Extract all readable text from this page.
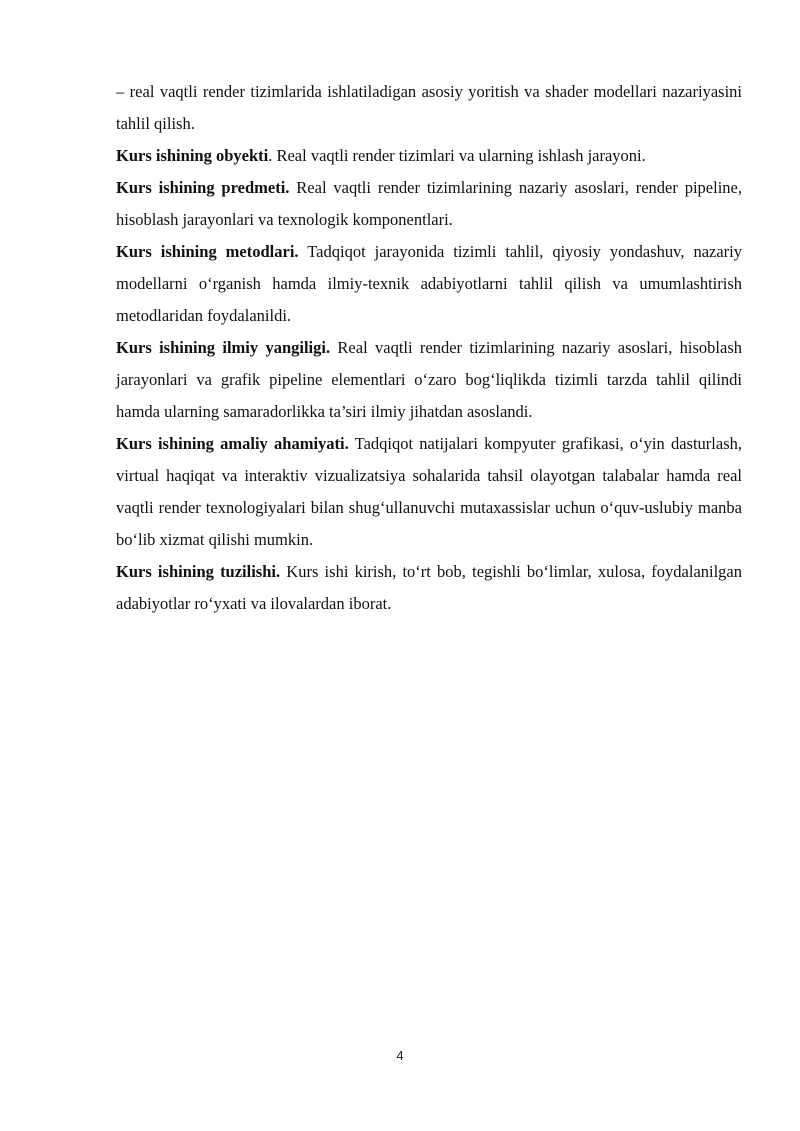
– real vaqtli render tizimlarida ishlatiladigan asosiy yoritish va shader modellari nazariyasini tahlil qilish.

Kurs ishining obyekti. Real vaqtli render tizimlari va ularning ishlash jarayoni.

Kurs ishining predmeti. Real vaqtli render tizimlarining nazariy asoslari, render pipeline, hisoblash jarayonlari va texnologik komponentlari.

Kurs ishining metodlari. Tadqiqot jarayonida tizimli tahlil, qiyosiy yondashuv, nazariy modellarni o‘rganish hamda ilmiy-texnik adabiyotlarni tahlil qilish va umumlashtirish metodlaridan foydalanildi.

Kurs ishining ilmiy yangiligi. Real vaqtli render tizimlarining nazariy asoslari, hisoblash jarayonlari va grafik pipeline elementlari o‘zaro bog‘liqlikda tizimli tarzda tahlil qilindi hamda ularning samaradorlikka ta’siri ilmiy jihatdan asoslandi.

Kurs ishining amaliy ahamiyati. Tadqiqot natijalari kompyuter grafikasi, o‘yin dasturlash, virtual haqiqat va interaktiv vizualizatsiya sohalarida tahsil olayotgan talabalar hamda real vaqtli render texnologiyalari bilan shug‘ullanuvchi mutaxassislar uchun o‘quv-uslubiy manba bo‘lib xizmat qilishi mumkin.

Kurs ishining tuzilishi. Kurs ishi kirish, to‘rt bob, tegishli bo‘limlar, xulosa, foydalanilgan adabiyotlar ro‘yxati va ilovalardan iborat.

4
